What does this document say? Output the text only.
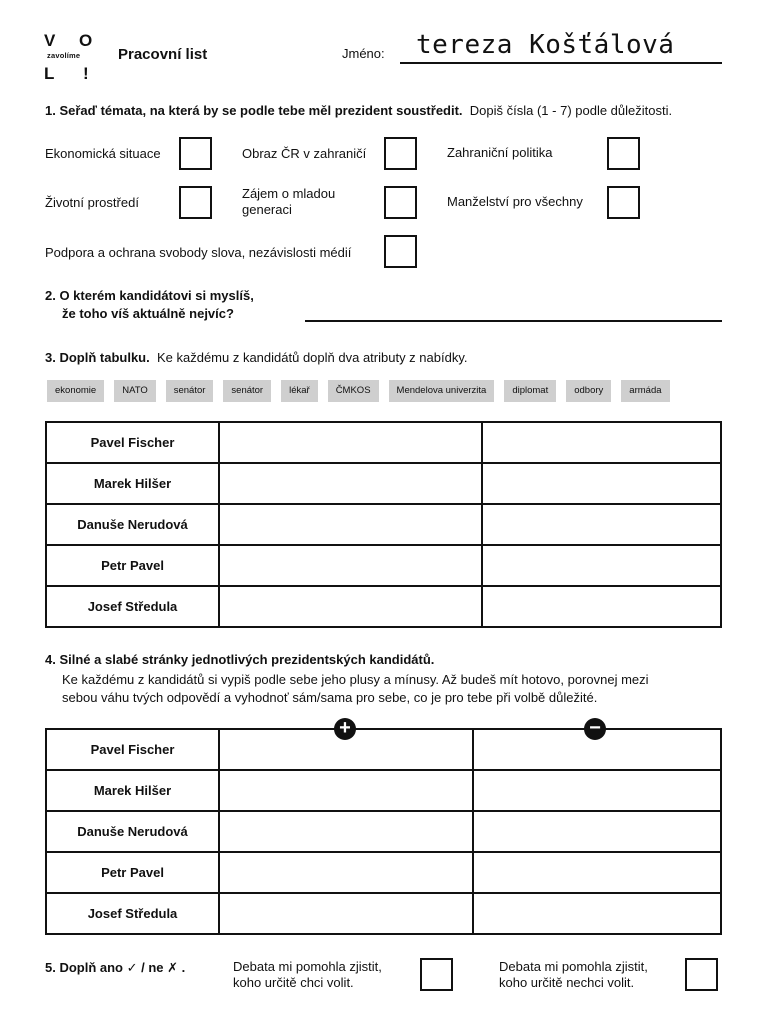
V O
zavolíme
L !
Pracovní list	Jméno: tereza Košťálová
1. Seřaď témata, na která by se podle tebe měl prezident soustředit. Dopiš čísla (1 - 7) podle důležitosti.
Ekonomická situace	Obraz ČR v zahraničí	Zahraniční politika
Životní prostředí
Zájem o mladou generaci
Manželství pro všechny
Podpora a ochrana svobody slova, nezávislosti médií
2. O kterém kandidátovi si myslíš,
že toho víš aktuálně nejvíc?
3. Doplň tabulku. Ke každému z kandidátů doplň dva atributy z nabídky.
ekonomie	NATO	senátor	senátor	lékař	ČMKOS	Mendelova univerzita	diplomat	odbory	armáda
Pavel Fischer		
Marek Hilšer		
Danuše Nerudová		
Petr Pavel		
Josef Středula		
4. Silné a slabé stránky jednotlivých prezidentských kandidátů.
Ke každému z kandidátů si vypiš podle sebe jeho plusy a mínusy. Až budeš mít hotovo, porovnej mezi
sebou váhu tvých odpovědí a vyhodnoť sám/sama pro sebe, co je pro tebe při volbě důležité.
Pavel Fischer		
Marek Hilšer		
Danuše Nerudová		
Petr Pavel		
Josef Středula		
+	−
5. Doplň ano ✓ / ne ✗ .	Debata mi pomohla zjistit,
koho určitě chci volit.
Debata mi pomohla zjistit,
koho určitě nechci volit.
